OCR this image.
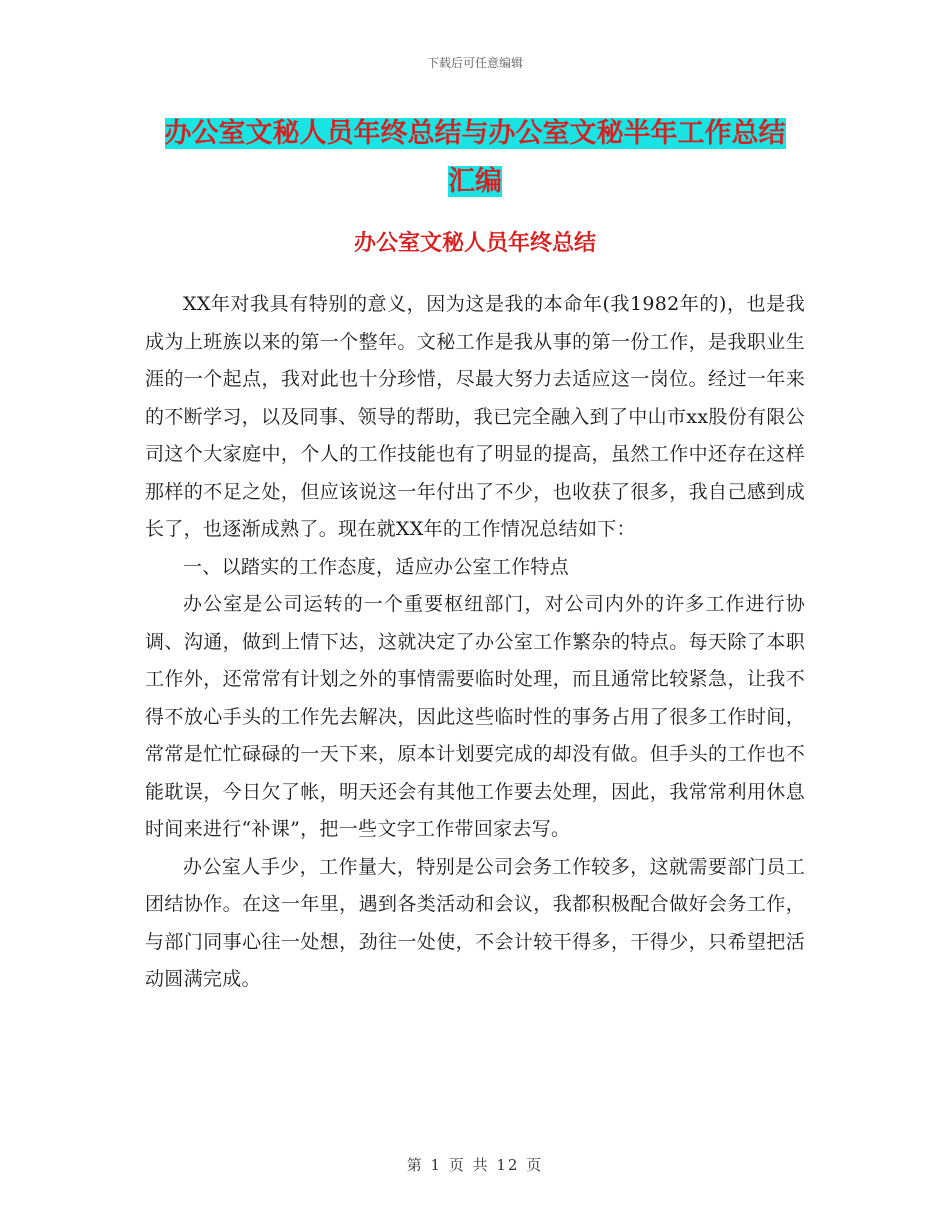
下载后可任意编辑
办公室文秘人员年终总结与办公室文秘半年工作总结
汇编
办公室文秘人员年终总结

XX年对我具有特别的意义，因为这是我的本命年(我1982年的)，也是我成为上班族以来的第一个整年。文秘工作是我从事的第一份工作，是我职业生涯的一个起点，我对此也十分珍惜，尽最大努力去适应这一岗位。经过一年来的不断学习，以及同事、领导的帮助，我已完全融入到了中山市xx股份有限公司这个大家庭中，个人的工作技能也有了明显的提高，虽然工作中还存在这样那样的不足之处，但应该说这一年付出了不少，也收获了很多，我自己感到成长了，也逐渐成熟了。现在就XX年的工作情况总结如下：

一、以踏实的工作态度，适应办公室工作特点

办公室是公司运转的一个重要枢纽部门，对公司内外的许多工作进行协调、沟通，做到上情下达，这就决定了办公室工作繁杂的特点。每天除了本职工作外，还常常有计划之外的事情需要临时处理，而且通常比较紧急，让我不得不放心手头的工作先去解决，因此这些临时性的事务占用了很多工作时间，常常是忙忙碌碌的一天下来，原本计划要完成的却没有做。但手头的工作也不能耽误，今日欠了帐，明天还会有其他工作要去处理，因此，我常常利用休息时间来进行“补课”，把一些文字工作带回家去写。

办公室人手少，工作量大，特别是公司会务工作较多，这就需要部门员工团结协作。在这一年里，遇到各类活动和会议，我都积极配合做好会务工作，与部门同事心往一处想，劲往一处使，不会计较干得多，干得少，只希望把活动圆满完成。

第 1 页 共 12 页
